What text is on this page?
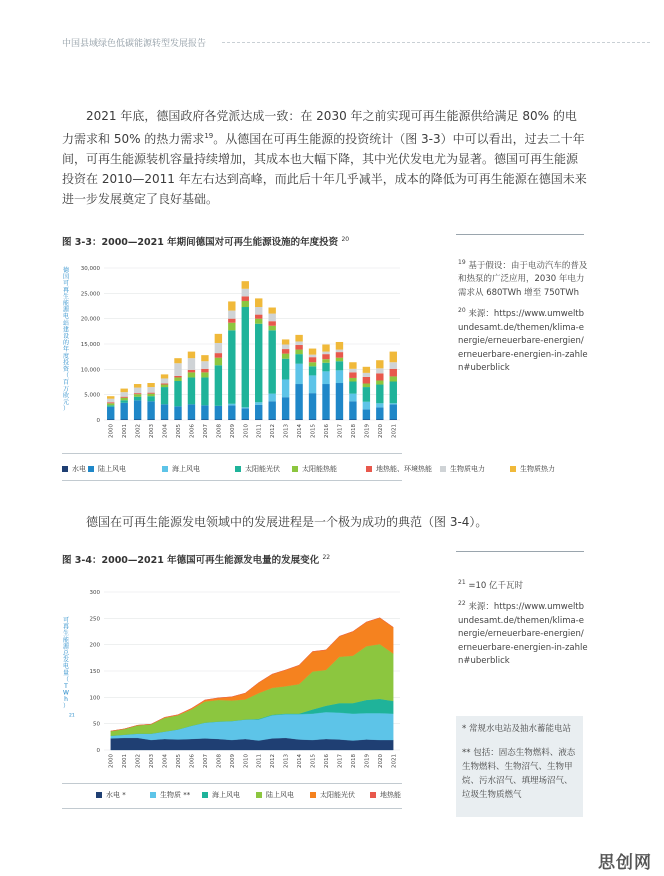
中国县域绿色低碳能源转型发展报告

2021 年底，德国政府各党派达成一致：在 2030 年之前实现可再生能源供给满足 80% 的电力需求和 50% 的热力需求$^{19}$。从德国在可再生能源的投资统计（图 3-3）中可以看出，过去二十年间，可再生能源装机容量持续增加，其成本也大幅下降，其中光伏发电尤为显著。德国可再生能源投资在 2010—2011 年左右达到高峰，而此后十年几乎减半，成本的降低为可再生能源在德国未来进一步发展奠定了良好基础。

图 3-3：2000—2021 年期间德国对可再生能源设施的年度投资 $^{20}$
德
国
可
再
生
能
源
电
站
建
设
的
年
度
投
资
（
百
万
欧
元
）
0
5,000
10,000
15,000
20,000
25,000
30,000
2000 2001 2002 2003 2004 2005 2006 2007 2008 2009 2010 2011 2012 2013 2014 2015 2016 2017 2018 2019 2020 2021
水电	陆上风电	海上风电	太阳能光伏	太阳能热能	地热能、环境热能	生物质电力	生物质热力

$^{19}$ 基于假设：由于电动汽车的普及和热泵的广泛应用，2030 年电力需求从 680TWh 增至 750TWh

$^{20}$ 来源：https://www.umweltbundesamt.de/themen/klima-energie/erneuerbare-energien/erneuerbare-energien-in-zahlen#uberblick

德国在可再生能源发电领域中的发展进程是一个极为成功的典范（图 3-4）。

图 3-4：2000—2021 年德国可再生能源发电量的发展变化 $^{22}$
可
再
生
能
源
总
发
电
量
（
T
W
h
）
21
0
50
100
150
200
250
300
2000 2001 2002 2003 2004 2005 2006 2007 2008 2009 2010 2011 2012 2013 2014 2015 2016 2017 2018 2019 2020 2021
水电 *	生物质 **	海上风电	陆上风电	太阳能光伏	地热能

$^{21}$ =10 亿千瓦时

$^{22}$ 来源：https://www.umweltbundesamt.de/themen/klima-energie/erneuerbare-energien/erneuerbare-energien-in-zahlen#uberblick

* 常规水电站及抽水蓄能电站
** 包括：固态生物燃料、液态生物燃料、生物沼气、生物甲烷、污水沼气、填埋场沼气、垃圾生物质燃气
思创网
